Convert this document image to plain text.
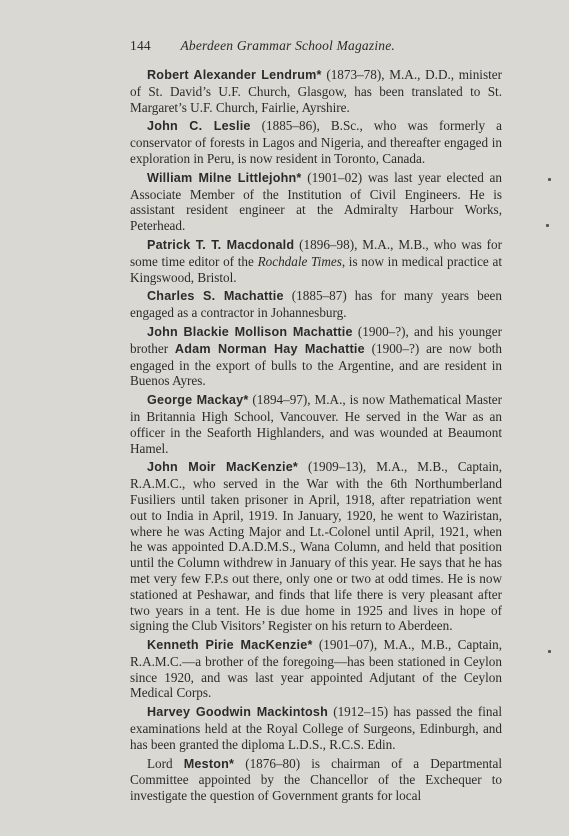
144 Aberdeen Grammar School Magazine.

Robert Alexander Lendrum* (1873–78), M.A., D.D., minister of St. David’s U.F. Church, Glasgow, has been translated to St. Margaret’s U.F. Church, Fairlie, Ayrshire.

John C. Leslie (1885–86), B.Sc., who was formerly a conservator of forests in Lagos and Nigeria, and thereafter engaged in exploration in Peru, is now resident in Toronto, Canada.

William Milne Littlejohn* (1901–02) was last year elected an Associate Member of the Institution of Civil Engineers. He is assistant resident engineer at the Admiralty Harbour Works, Peterhead.

Patrick T. T. Macdonald (1896–98), M.A., M.B., who was for some time editor of the Rochdale Times, is now in medical practice at Kingswood, Bristol.

Charles S. Machattie (1885–87) has for many years been engaged as a contractor in Johannesburg.

John Blackie Mollison Machattie (1900–?), and his younger brother Adam Norman Hay Machattie (1900–?) are now both engaged in the export of bulls to the Argentine, and are resident in Buenos Ayres.

George Mackay* (1894–97), M.A., is now Mathematical Master in Britannia High School, Vancouver. He served in the War as an officer in the Seaforth Highlanders, and was wounded at Beaumont Hamel.

John Moir MacKenzie* (1909–13), M.A., M.B., Captain, R.A.M.C., who served in the War with the 6th Northumberland Fusiliers until taken prisoner in April, 1918, after repatriation went out to India in April, 1919. In January, 1920, he went to Waziristan, where he was Acting Major and Lt.-Colonel until April, 1921, when he was appointed D.A.D.M.S., Wana Column, and held that position until the Column withdrew in January of this year. He says that he has met very few F.P.s out there, only one or two at odd times. He is now stationed at Peshawar, and finds that life there is very pleasant after two years in a tent. He is due home in 1925 and lives in hope of signing the Club Visitors’ Register on his return to Aberdeen.

Kenneth Pirie MacKenzie* (1901–07), M.A., M.B., Captain, R.A.M.C.—a brother of the foregoing—has been stationed in Ceylon since 1920, and was last year appointed Adjutant of the Ceylon Medical Corps.

Harvey Goodwin Mackintosh (1912–15) has passed the final examinations held at the Royal College of Surgeons, Edinburgh, and has been granted the diploma L.D.S., R.C.S. Edin.

Lord Meston* (1876–80) is chairman of a Departmental Committee appointed by the Chancellor of the Exchequer to investigate the question of Government grants for local
